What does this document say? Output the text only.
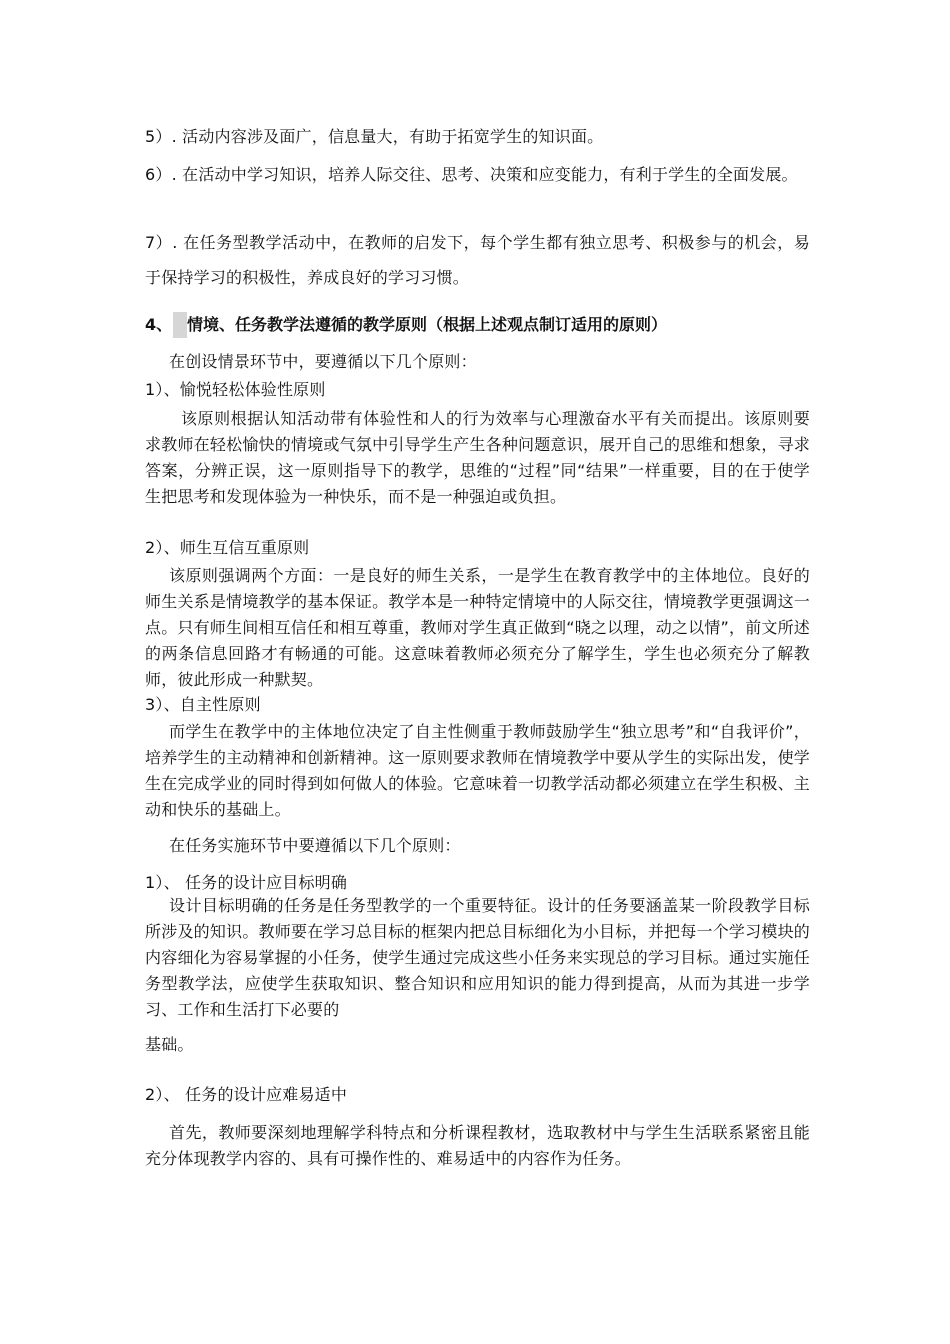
5）. 活动内容涉及面广，信息量大，有助于拓宽学生的知识面。

6）. 在活动中学习知识，培养人际交往、思考、决策和应变能力，有利于学生的全面发展。

7）. 在任务型教学活动中，在教师的启发下，每个学生都有独立思考、积极参与的机会，易于保持学习的积极性，养成良好的学习习惯。

4、 情境、任务教学法遵循的教学原则（根据上述观点制订适用的原则）

在创设情景环节中，要遵循以下几个原则：

1）、愉悦轻松体验性原则

该原则根据认知活动带有体验性和人的行为效率与心理激奋水平有关而提出。该原则要求教师在轻松愉快的情境或气氛中引导学生产生各种问题意识，展开自己的思维和想象，寻求答案，分辨正误，这一原则指导下的教学，思维的“过程”同“结果”一样重要，目的在于使学生把思考和发现体验为一种快乐，而不是一种强迫或负担。

2）、师生互信互重原则

该原则强调两个方面：一是良好的师生关系，一是学生在教育教学中的主体地位。良好的师生关系是情境教学的基本保证。教学本是一种特定情境中的人际交往，情境教学更强调这一点。只有师生间相互信任和相互尊重，教师对学生真正做到“晓之以理，动之以情”，前文所述的两条信息回路才有畅通的可能。这意味着教师必须充分了解学生，学生也必须充分了解教师，彼此形成一种默契。

3）、自主性原则

而学生在教学中的主体地位决定了自主性侧重于教师鼓励学生“独立思考”和“自我评价”，培养学生的主动精神和创新精神。这一原则要求教师在情境教学中要从学生的实际出发，使学生在完成学业的同时得到如何做人的体验。它意味着一切教学活动都必须建立在学生积极、主动和快乐的基础上。

在任务实施环节中要遵循以下几个原则：

1）、 任务的设计应目标明确

设计目标明确的任务是任务型教学的一个重要特征。设计的任务要涵盖某一阶段教学目标所涉及的知识。教师要在学习总目标的框架内把总目标细化为小目标，并把每一个学习模块的内容细化为容易掌握的小任务，使学生通过完成这些小任务来实现总的学习目标。通过实施任务型教学法，应使学生获取知识、整合知识和应用知识的能力得到提高，从而为其进一步学习、工作和生活打下必要的

基础。

2）、 任务的设计应难易适中

首先，教师要深刻地理解学科特点和分析课程教材，选取教材中与学生生活联系紧密且能充分体现教学内容的、具有可操作性的、难易适中的内容作为任务。
